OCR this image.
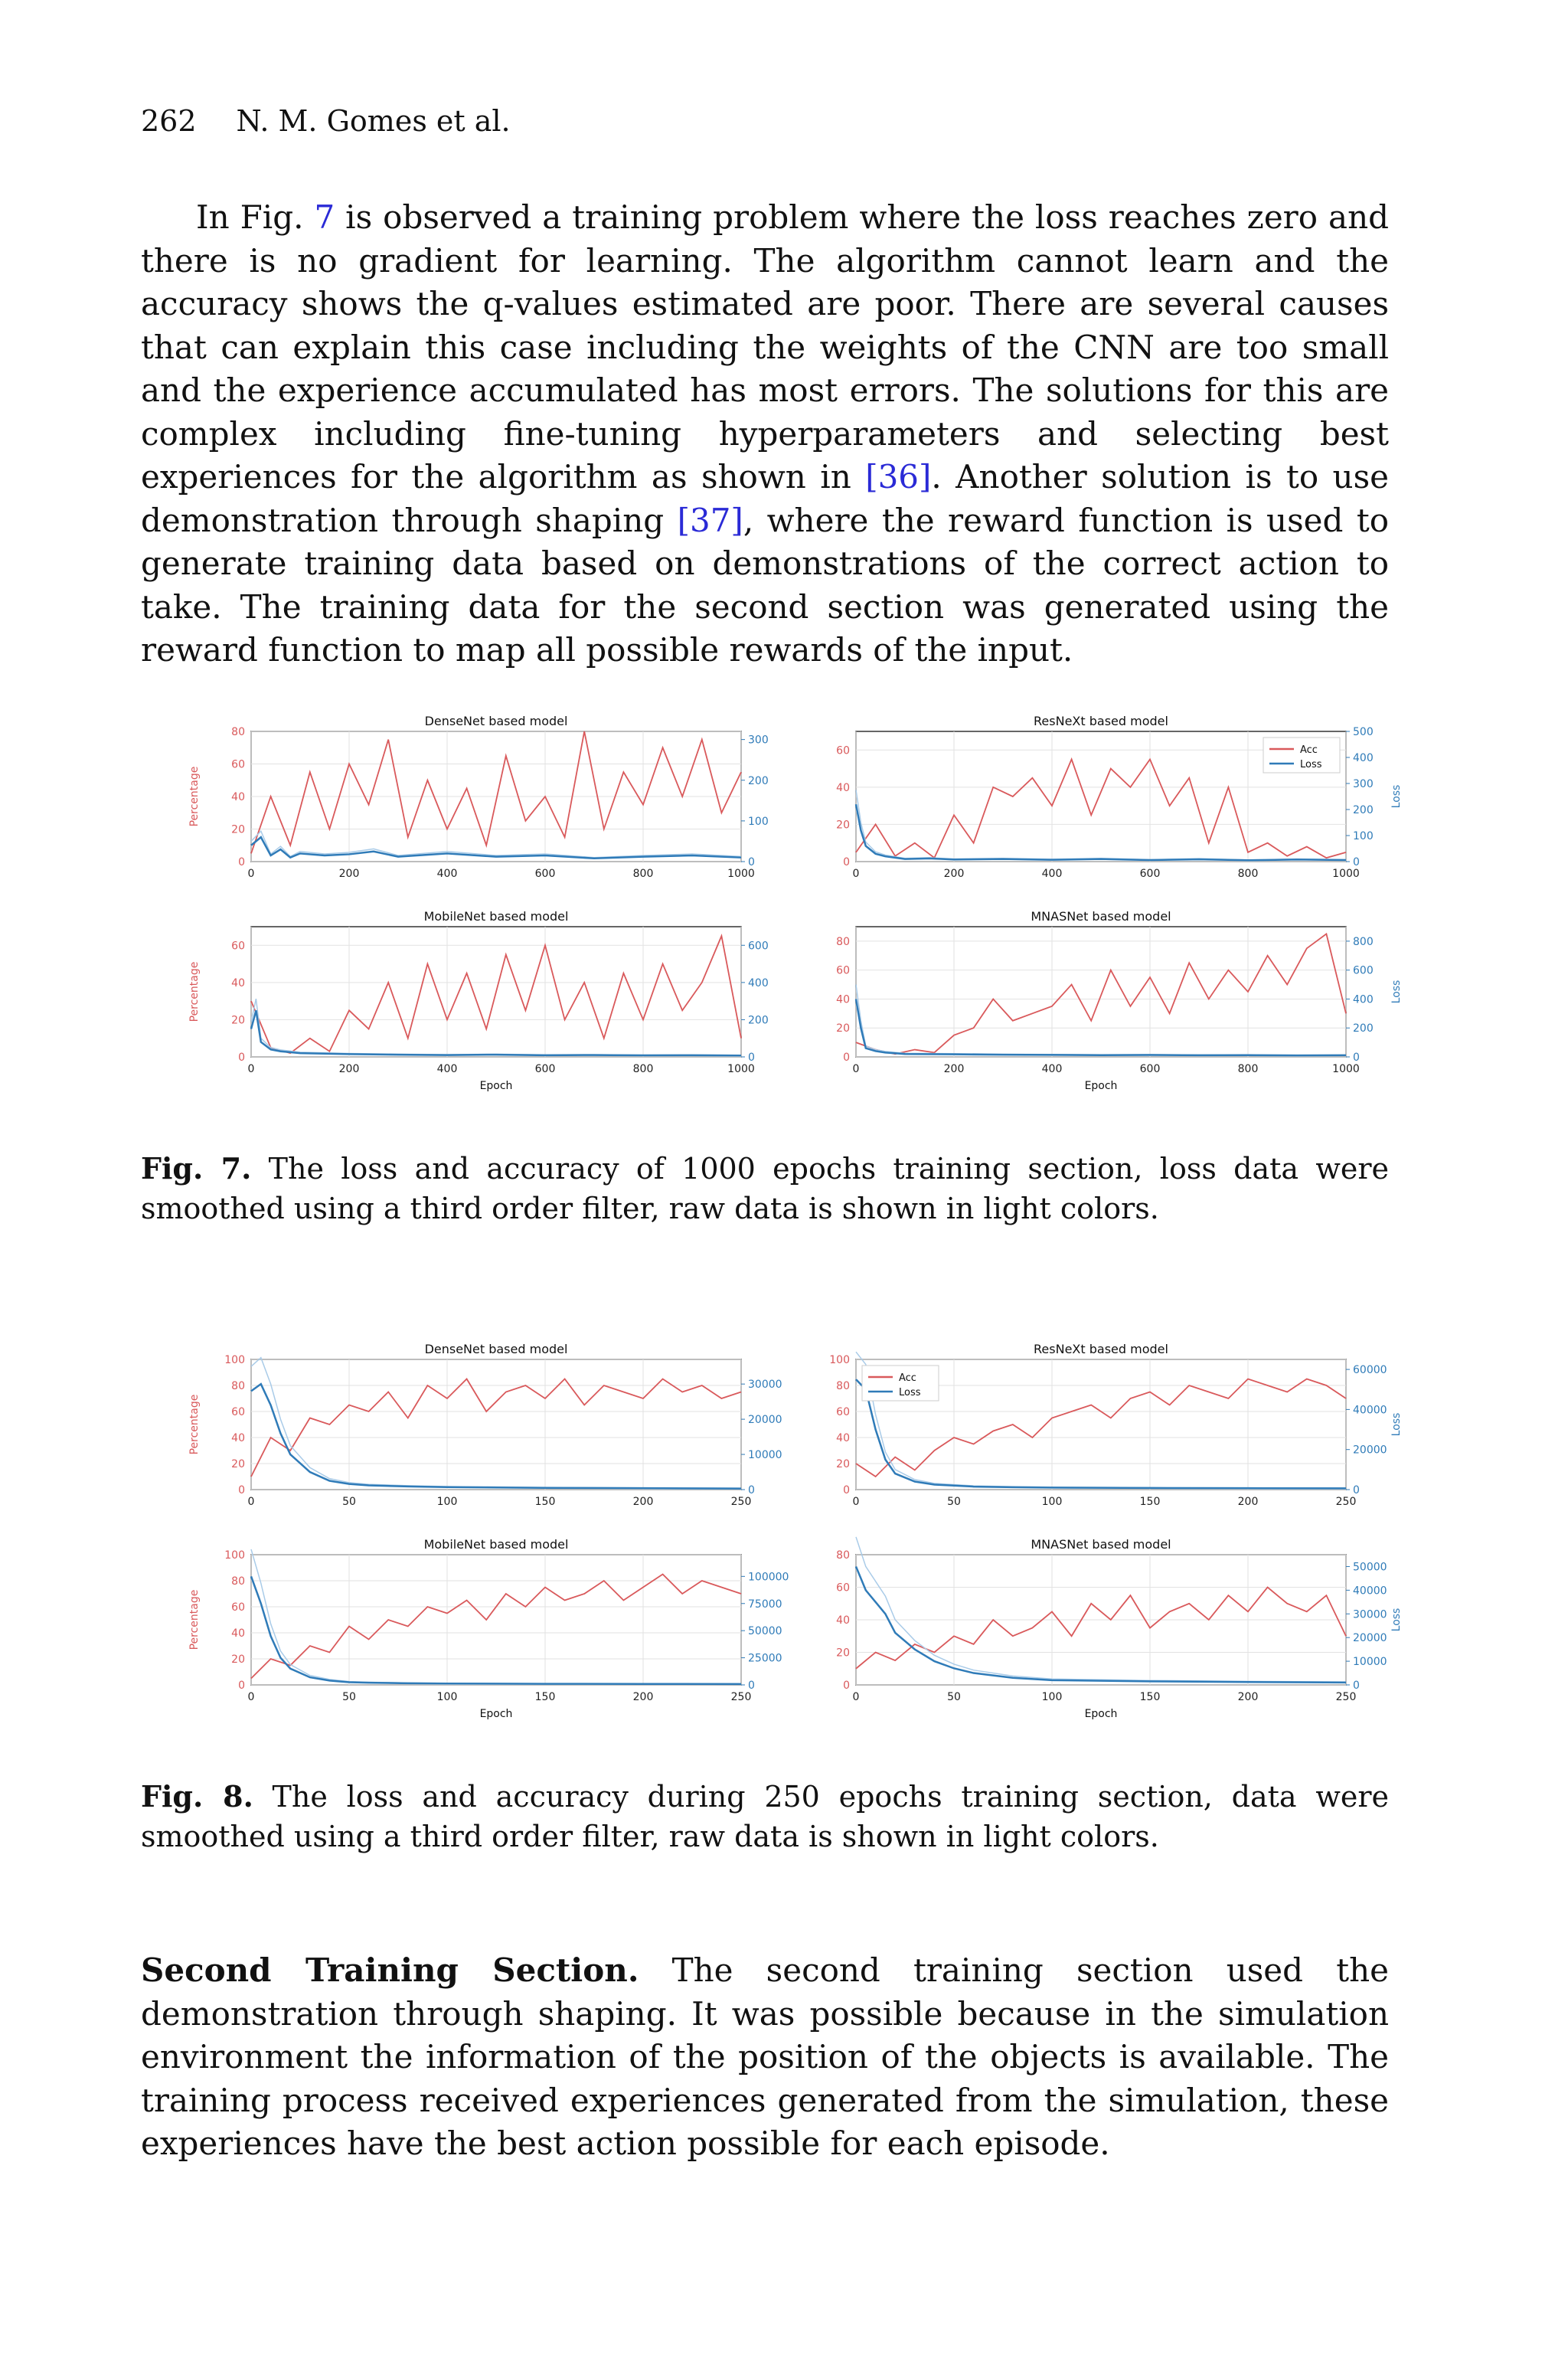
262 N. M. Gomes et al.
In Fig. 7 is observed a training problem where the loss reaches zero and there is no gradient for learning. The algorithm cannot learn and the accuracy shows the q-values estimated are poor. There are several causes that can explain this case including the weights of the CNN are too small and the experience accumulated has most errors. The solutions for this are complex including fine-tuning hyperparameters and selecting best experiences for the algorithm as shown in [36]. Another solution is to use demonstration through shaping [37], where the reward function is used to generate training data based on demonstrations of the correct action to take. The training data for the second section was generated using the reward function to map all possible rewards of the input.
0	200	400	600	800	1000
0
20
40
60
80
0
100
200
300
DenseNet based model
Percentage
0	200	400	600	800	1000
0
20
40
60
0
100
200
300
400
500
ResNeXt based model
Loss
Acc
Loss
0	200	400	600	800	1000
0
20
40
60
0
200
400
600
MobileNet based model
Epoch
Percentage
0	200	400	600	800	1000
0
20
40
60
80
0
200
400
600
800
MNASNet based model
Epoch
Loss
Fig. 7. The loss and accuracy of 1000 epochs training section, loss data were smoothed using a third order filter, raw data is shown in light colors.
0	50	100	150	200	250
0
20
40
60
80
100
0
10000
20000
30000
DenseNet based model
Percentage
0	50	100	150	200	250
0
20
40
60
80
100
0
20000
40000
60000
ResNeXt based model
Loss
Acc
Loss
0	50	100	150	200	250
0
20
40
60
80
100
0
25000
50000
75000
100000
MobileNet based model
Epoch
Percentage
0	50	100	150	200	250
0
20
40
60
80
0
10000
20000
30000
40000
50000
MNASNet based model
Epoch
Loss
Fig. 8. The loss and accuracy during 250 epochs training section, data were smoothed using a third order filter, raw data is shown in light colors.
Second Training Section. The second training section used the demonstration through shaping. It was possible because in the simulation environment the information of the position of the objects is available. The training process received experiences generated from the simulation, these experiences have the best action possible for each episode.
